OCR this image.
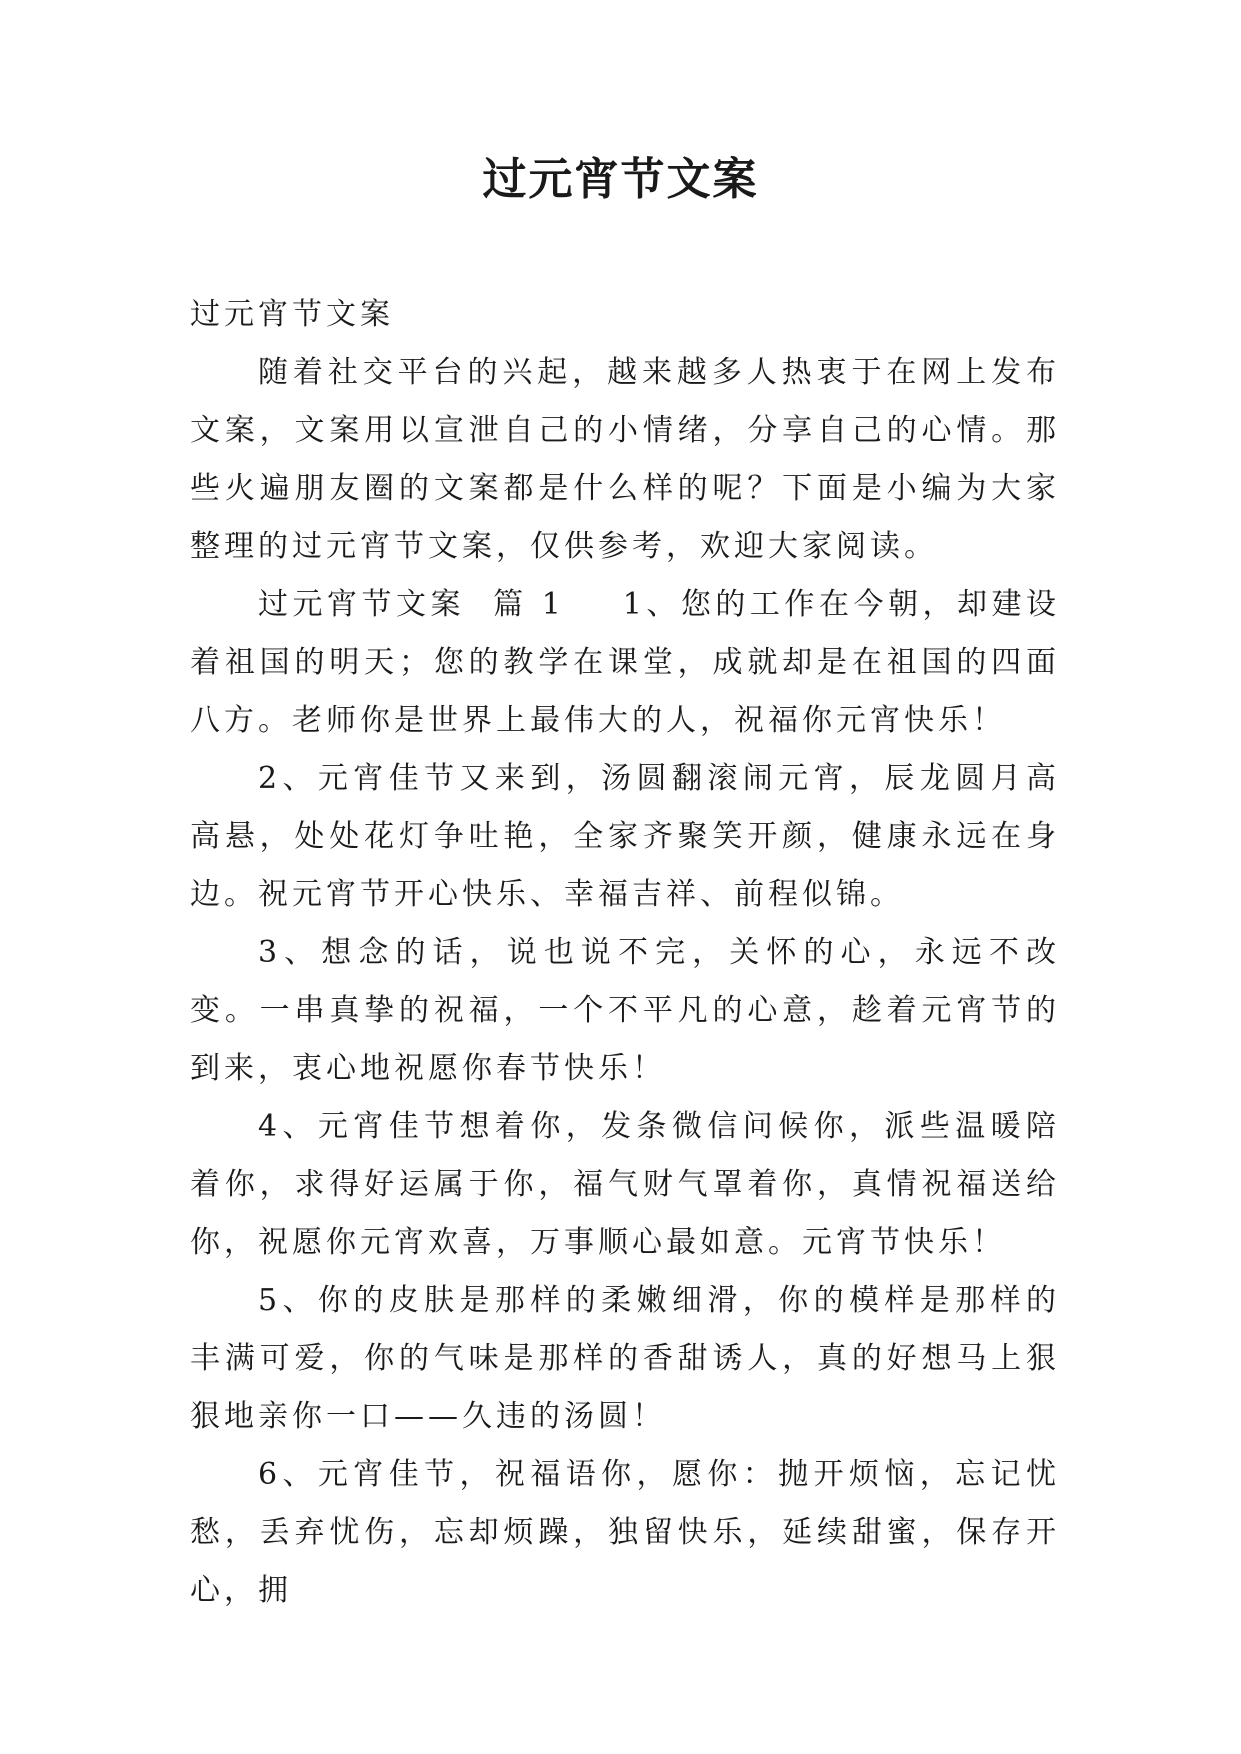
过元宵节文案

过元宵节文案

随着社交平台的兴起，越来越多人热衷于在网上发布文案，文案用以宣泄自己的小情绪，分享自己的心情。那些火遍朋友圈的文案都是什么样的呢？下面是小编为大家整理的过元宵节文案，仅供参考，欢迎大家阅读。

过元宵节文案  篇 1 1、您的工作在今朝，却建设着祖国的明天；您的教学在课堂，成就却是在祖国的四面八方。老师你是世界上最伟大的人，祝福你元宵快乐！

2、元宵佳节又来到，汤圆翻滚闹元宵，辰龙圆月高高悬，处处花灯争吐艳，全家齐聚笑开颜，健康永远在身边。祝元宵节开心快乐、幸福吉祥、前程似锦。

3、想念的话，说也说不完，关怀的心，永远不改变。一串真挚的祝福，一个不平凡的心意，趁着元宵节的到来，衷心地祝愿你春节快乐！

4、元宵佳节想着你，发条微信问候你，派些温暖陪着你，求得好运属于你，福气财气罩着你，真情祝福送给你，祝愿你元宵欢喜，万事顺心最如意。元宵节快乐！

5、你的皮肤是那样的柔嫩细滑，你的模样是那样的丰满可爱，你的气味是那样的香甜诱人，真的好想马上狠狠地亲你一口——久违的汤圆！

6、元宵佳节，祝福语你，愿你：抛开烦恼，忘记忧愁，丢弃忧伤，忘却烦躁，独留快乐，延续甜蜜，保存开心，拥
